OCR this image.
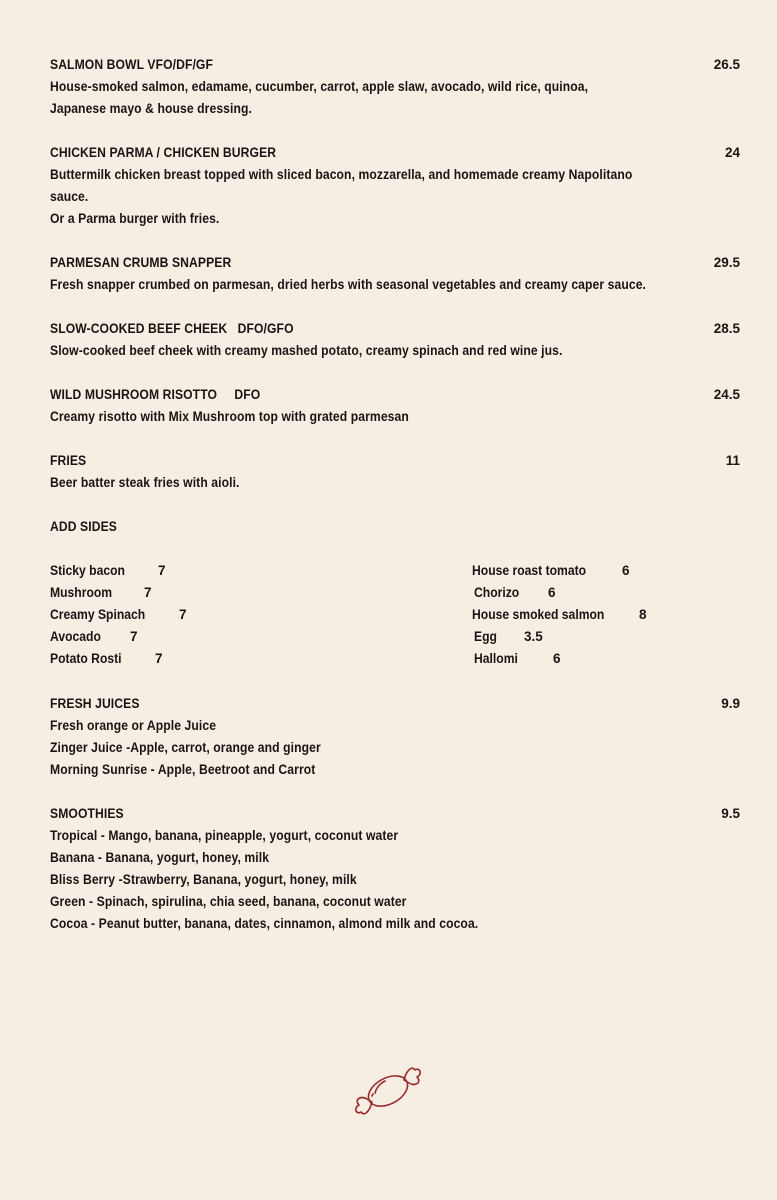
SALMON BOWL VFO/DF/GF	26.5
House-smoked salmon, edamame, cucumber, carrot, apple slaw, avocado, wild rice, quinoa,
Japanese mayo & house dressing.
CHICKEN PARMA / CHICKEN BURGER	24
Buttermilk chicken breast topped with sliced bacon, mozzarella, and homemade creamy Napolitano
sauce.
Or a Parma burger with fries.
PARMESAN CRUMB SNAPPER	29.5
Fresh snapper crumbed on parmesan, dried herbs with seasonal vegetables and creamy caper sauce.
SLOW-COOKED BEEF CHEEK   DFO/GFO	28.5
Slow-cooked beef cheek with creamy mashed potato, creamy spinach and red wine jus.
WILD MUSHROOM RISOTTO     DFO	24.5
Creamy risotto with Mix Mushroom top with grated parmesan
FRIES	11
Beer batter steak fries with aioli.
ADD SIDES
Sticky bacon 7
Mushroom 7
Creamy Spinach	7
Avocado 7
Potato Rosti 7
House roast tomato	6
Chorizo 6
House smoked salmon	8
Egg 3.5
Hallomi	6
FRESH JUICES	9.9
Fresh orange or Apple Juice
Zinger Juice -Apple, carrot, orange and ginger
Morning Sunrise - Apple, Beetroot and Carrot
SMOOTHIES	9.5
Tropical - Mango, banana, pineapple, yogurt, coconut water
Banana - Banana, yogurt, honey, milk
Bliss Berry -Strawberry, Banana, yogurt, honey, milk
Green - Spinach, spirulina, chia seed, banana, coconut water
Cocoa - Peanut butter, banana, dates, cinnamon, almond milk and cocoa.
